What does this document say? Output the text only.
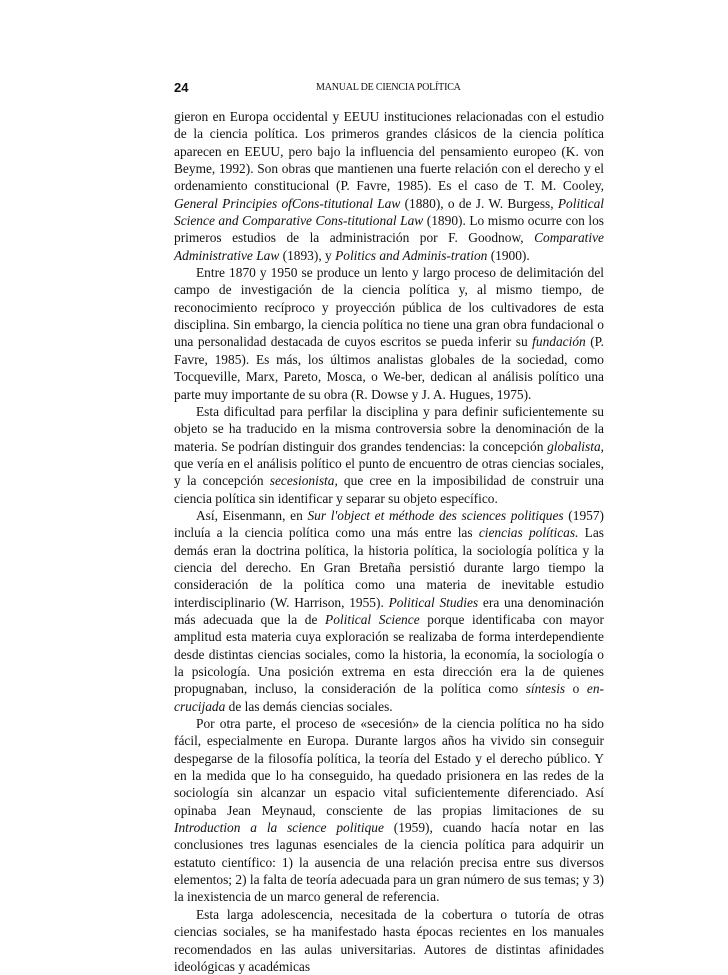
24	MANUAL DE CIENCIA POLÍTICA

gieron en Europa occidental y EEUU instituciones relacionadas con el estudio de la ciencia política. Los primeros grandes clásicos de la ciencia política aparecen en EEUU, pero bajo la influencia del pensamiento europeo (K. von Beyme, 1992). Son obras que mantienen una fuerte relación con el derecho y el ordenamiento constitucional (P. Favre, 1985). Es el caso de T. M. Cooley, General Principies ofCons-titutional Law (1880), o de J. W. Burgess, Political Science and Comparative Cons-titutional Law (1890). Lo mismo ocurre con los primeros estudios de la administración por F. Goodnow, Comparative Administrative Law (1893), y Politics and Adminis-tration (1900).

Entre 1870 y 1950 se produce un lento y largo proceso de delimitación del campo de investigación de la ciencia política y, al mismo tiempo, de reconocimiento recíproco y proyección pública de los cultivadores de esta disciplina. Sin embargo, la ciencia política no tiene una gran obra fundacional o una personalidad destacada de cuyos escritos se pueda inferir su fundación (P. Favre, 1985). Es más, los últimos analistas globales de la sociedad, como Tocqueville, Marx, Pareto, Mosca, o We-ber, dedican al análisis político una parte muy importante de su obra (R. Dowse y J. A. Hugues, 1975).

Esta dificultad para perfilar la disciplina y para definir suficientemente su objeto se ha traducido en la misma controversia sobre la denominación de la materia. Se podrían distinguir dos grandes tendencias: la concepción globalista, que vería en el análisis político el punto de encuentro de otras ciencias sociales, y la concepción secesionista, que cree en la imposibilidad de construir una ciencia política sin identificar y separar su objeto específico.

Así, Eisenmann, en Sur l'object et méthode des sciences politiques (1957) incluía a la ciencia política como una más entre las ciencias políticas. Las demás eran la doctrina política, la historia política, la sociología política y la ciencia del derecho. En Gran Bretaña persistió durante largo tiempo la consideración de la política como una materia de inevitable estudio interdisciplinario (W. Harrison, 1955). Political Studies era una denominación más adecuada que la de Political Science porque identificaba con mayor amplitud esta materia cuya exploración se realizaba de forma interdependiente desde distintas ciencias sociales, como la historia, la economía, la sociología o la psicología. Una posición extrema en esta dirección era la de quienes propugnaban, incluso, la consideración de la política como síntesis o encrucijada de las demás ciencias sociales.

Por otra parte, el proceso de «secesión» de la ciencia política no ha sido fácil, especialmente en Europa. Durante largos años ha vivido sin conseguir despegarse de la filosofía política, la teoría del Estado y el derecho público. Y en la medida que lo ha conseguido, ha quedado prisionera en las redes de la sociología sin alcanzar un espacio vital suficientemente diferenciado. Así opinaba Jean Meynaud, consciente de las propias limitaciones de su Introduction a la science politique (1959), cuando hacía notar en las conclusiones tres lagunas esenciales de la ciencia política para adquirir un estatuto científico: 1) la ausencia de una relación precisa entre sus diversos elementos; 2) la falta de teoría adecuada para un gran número de sus temas; y 3) la inexistencia de un marco general de referencia.

Esta larga adolescencia, necesitada de la cobertura o tutoría de otras ciencias sociales, se ha manifestado hasta épocas recientes en los manuales recomendados en las aulas universitarias. Autores de distintas afinidades ideológicas y académicas
